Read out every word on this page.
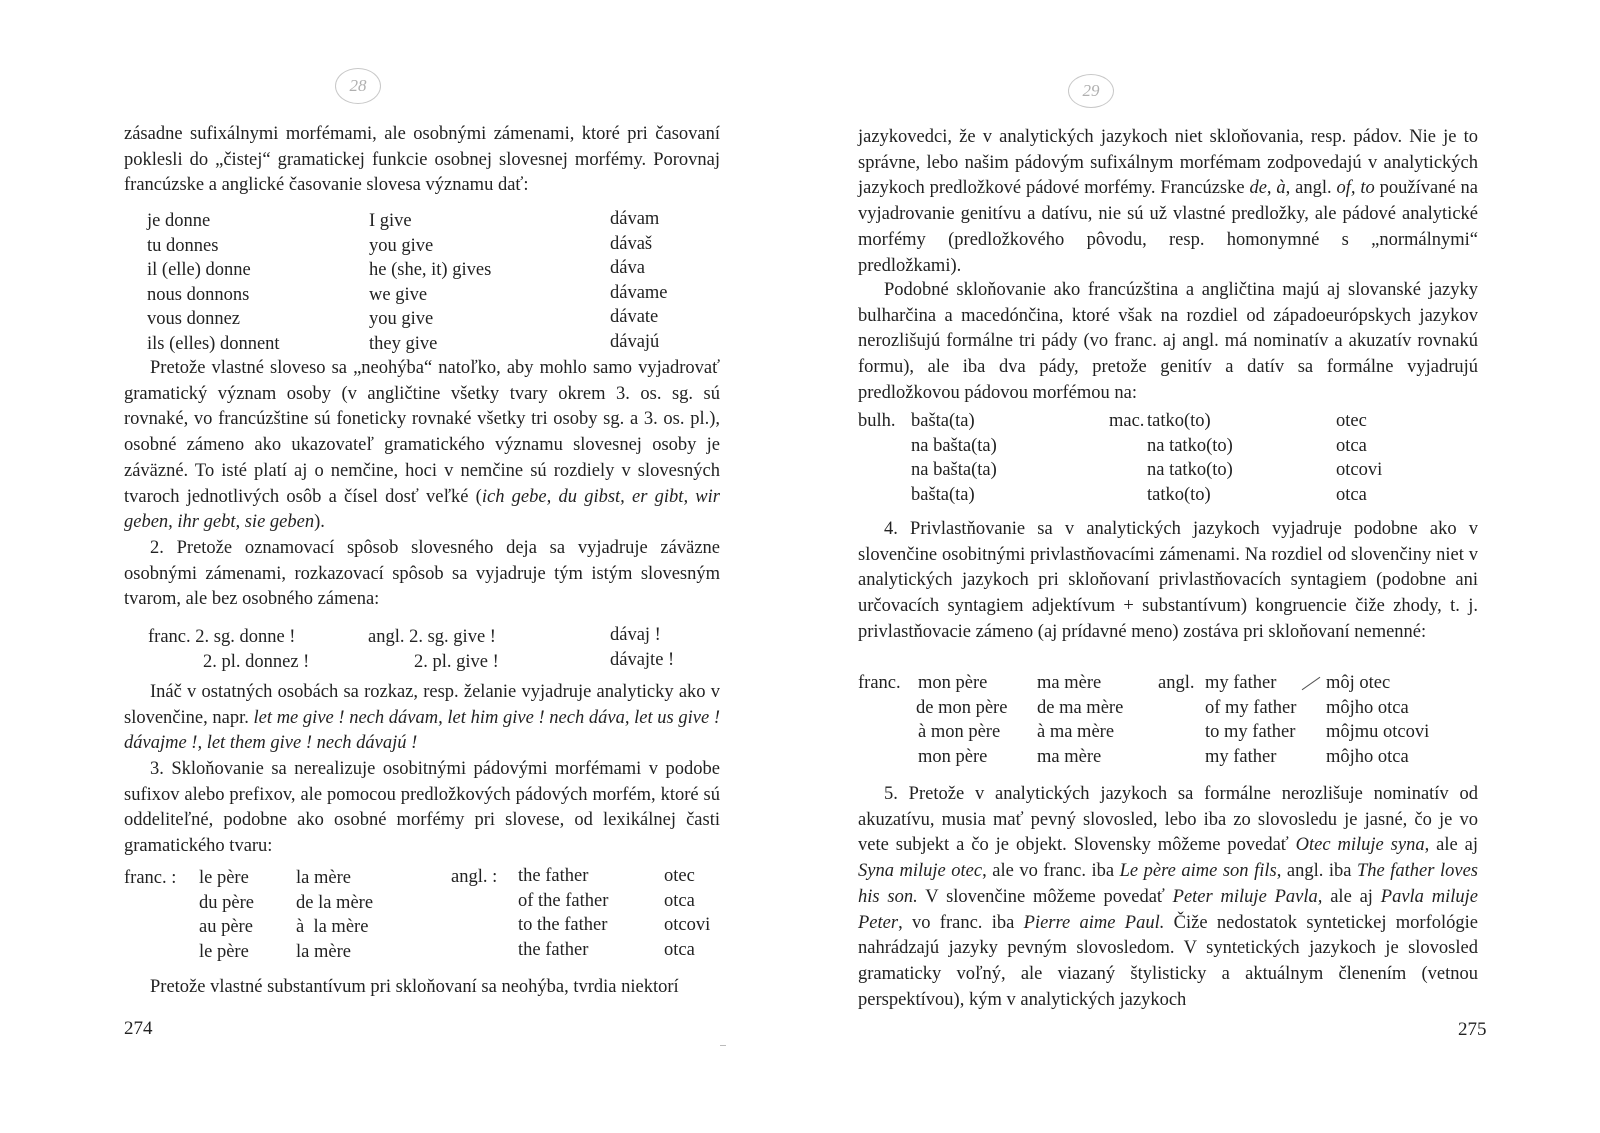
28
zásadne sufixálnymi morfémami, ale osobnými zámenami, ktoré pri časovaní poklesli do „čistej“ gramatickej funkcie osobnej slovesnej morfémy. Porovnaj francúzske a anglické časovanie slovesa významu dať:
je donne
tu donnes
il (elle) donne
nous donnons
vous donnez
ils (elles) donnent
I give
you give
he (she, it) gives
we give
you give
they give
dávam
dávaš
dáva
dávame
dávate
dávajú
Pretože vlastné sloveso sa „neohýba“ natoľko, aby mohlo samo vyjadrovať gramatický význam osoby (v angličtine všetky tvary okrem 3. os. sg. sú rovnaké, vo francúzštine sú foneticky rovnaké všetky tri osoby sg. a 3. os. pl.), osobné zámeno ako ukazovateľ gramatického významu slovesnej osoby je záväzné. To isté platí aj o nemčine, hoci v nemčine sú rozdiely v slovesných tvaroch jednotlivých osôb a čísel dosť veľké (ich gebe, du gibst, er gibt, wir geben, ihr gebt, sie geben).
2. Pretože oznamovací spôsob slovesného deja sa vyjadruje záväzne osobnými zámenami, rozkazovací spôsob sa vyjadruje tým istým slovesným tvarom, ale bez osobného zámena:
franc. 2. sg. donne !
2. pl. donnez !
angl. 2. sg. give !
2. pl. give !
dávaj !
dávajte !
Ináč v ostatných osobách sa rozkaz, resp. želanie vyjadruje analyticky ako v slovenčine, napr. let me give ! nech dávam, let him give ! nech dáva, let us give ! dávajme !, let them give ! nech dávajú !
3. Skloňovanie sa nerealizuje osobitnými pádovými morfémami v podobe sufixov alebo prefixov, ale pomocou predložkových pádových morfém, ktoré sú oddeliteľné, podobne ako osobné morfémy pri slovese, od lexikálnej časti gramatického tvaru:
franc. : le père
du père
au père
le père
la mère
de la mère
à  la mère
la mère
angl. : the father
of the father
to the father
the father
otec
otca
otcovi
otca
Pretože vlastné substantívum pri skloňovaní sa neohýba, tvrdia niektorí
274
29
jazykovedci, že v analytických jazykoch niet skloňovania, resp. pádov. Nie je to správne, lebo našim pádovým sufixálnym morfémam zodpovedajú v analytických jazykoch predložkové pádové morfémy. Francúzske de, à, angl. of, to používané na vyjadrovanie genitívu a datívu, nie sú už vlastné predložky, ale pádové analytické morfémy (predložkového pôvodu, resp. homonymné s „normálnymi“ predložkami).
Podobné skloňovanie ako francúzština a angličtina majú aj slovanské jazyky bulharčina a macedónčina, ktoré však na rozdiel od západoeurópskych jazykov nerozlišujú formálne tri pády (vo franc. aj angl. má nominatív a akuzatív rovnakú formu), ale iba dva pády, pretože genitív a datív sa formálne vyjadrujú predložkovou pádovou morfémou na:
bulh. bašta(ta)
na bašta(ta)
na bašta(ta)
bašta(ta)
mac. tatko(to)
na tatko(to)
na tatko(to)
tatko(to)
otec
otca
otcovi
otca
4. Privlastňovanie sa v analytických jazykoch vyjadruje podobne ako v slovenčine osobitnými privlastňovacími zámenami. Na rozdiel od slovenčiny niet v analytických jazykoch pri skloňovaní privlastňovacích syntagiem (podobne ani určovacích syntagiem adjektívum + substantívum) kongruencie čiže zhody, t. j. privlastňovacie zámeno (aj prídavné meno) zostáva pri skloňovaní nemenné:
franc. mon père
de mon père
à mon père
mon père
ma mère
de ma mère
à ma mère
ma mère
angl. my father
of my father
to my father
my father
môj otec
môjho otca
môjmu otcovi
môjho otca
5. Pretože v analytických jazykoch sa formálne nerozlišuje nominatív od akuzatívu, musia mať pevný slovosled, lebo iba zo slovosledu je jasné, čo je vo vete subjekt a čo je objekt. Slovensky môžeme povedať Otec miluje syna, ale aj Syna miluje otec, ale vo franc. iba Le père aime son fils, angl. iba The father loves his son. V slovenčine môžeme povedať Peter miluje Pavla, ale aj Pavla miluje Peter, vo franc. iba Pierre aime Paul. Čiže nedostatok syntetickej morfológie nahrádzajú jazyky pevným slovosledom. V syntetických jazykoch je slovosled gramaticky voľný, ale viazaný štylisticky a aktuálnym členením (vetnou perspektívou), kým v analytických jazykoch
275
